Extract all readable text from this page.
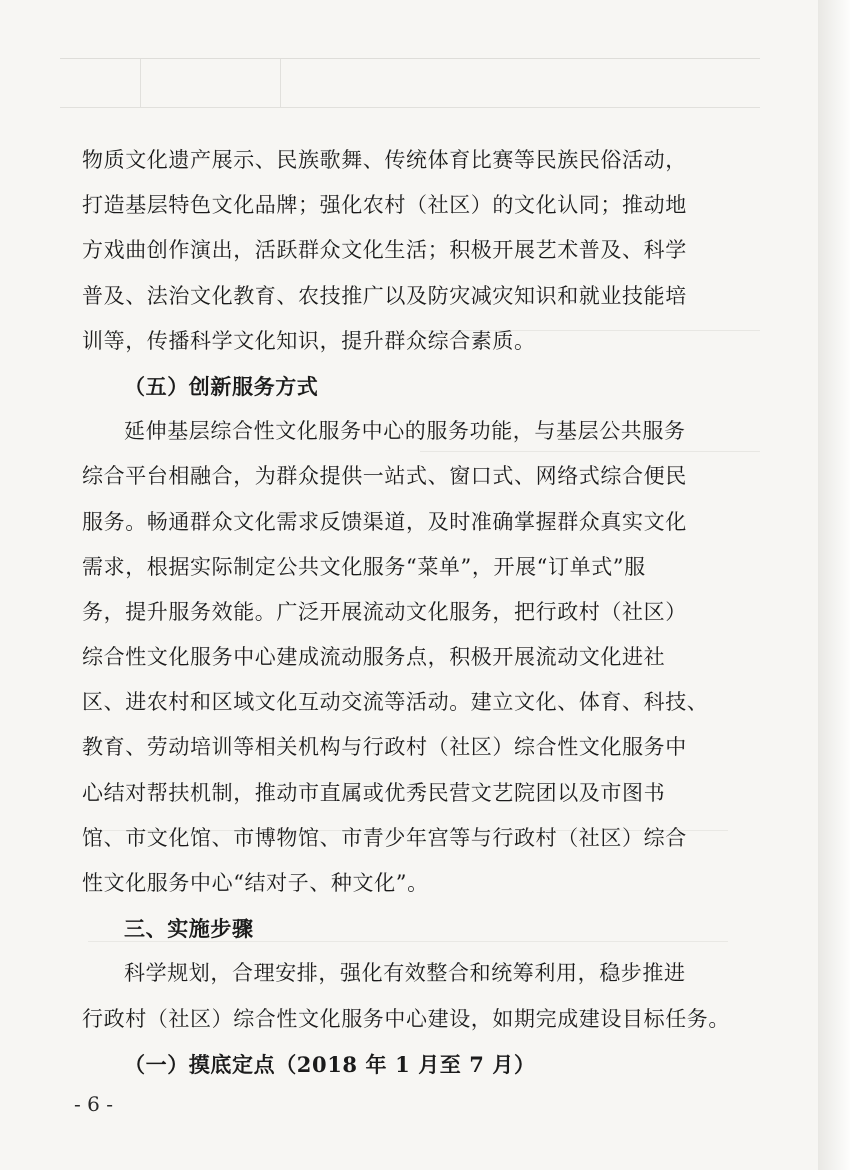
物质文化遗产展示、民族歌舞、传统体育比赛等民族民俗活动，
打造基层特色文化品牌；强化农村（社区）的文化认同；推动地
方戏曲创作演出，活跃群众文化生活；积极开展艺术普及、科学
普及、法治文化教育、农技推广以及防灾减灾知识和就业技能培
训等，传播科学文化知识，提升群众综合素质。
（五）创新服务方式
延伸基层综合性文化服务中心的服务功能，与基层公共服务
综合平台相融合，为群众提供一站式、窗口式、网络式综合便民
服务。畅通群众文化需求反馈渠道，及时准确掌握群众真实文化
需求，根据实际制定公共文化服务“菜单”，开展“订单式”服
务，提升服务效能。广泛开展流动文化服务，把行政村（社区）
综合性文化服务中心建成流动服务点，积极开展流动文化进社
区、进农村和区域文化互动交流等活动。建立文化、体育、科技、
教育、劳动培训等相关机构与行政村（社区）综合性文化服务中
心结对帮扶机制，推动市直属或优秀民营文艺院团以及市图书
馆、市文化馆、市博物馆、市青少年宫等与行政村（社区）综合
性文化服务中心“结对子、种文化”。
三、实施步骤
科学规划，合理安排，强化有效整合和统筹利用，稳步推进
行政村（社区）综合性文化服务中心建设，如期完成建设目标任务。
（一）摸底定点（2018 年 1 月至 7 月）
- 6 -
